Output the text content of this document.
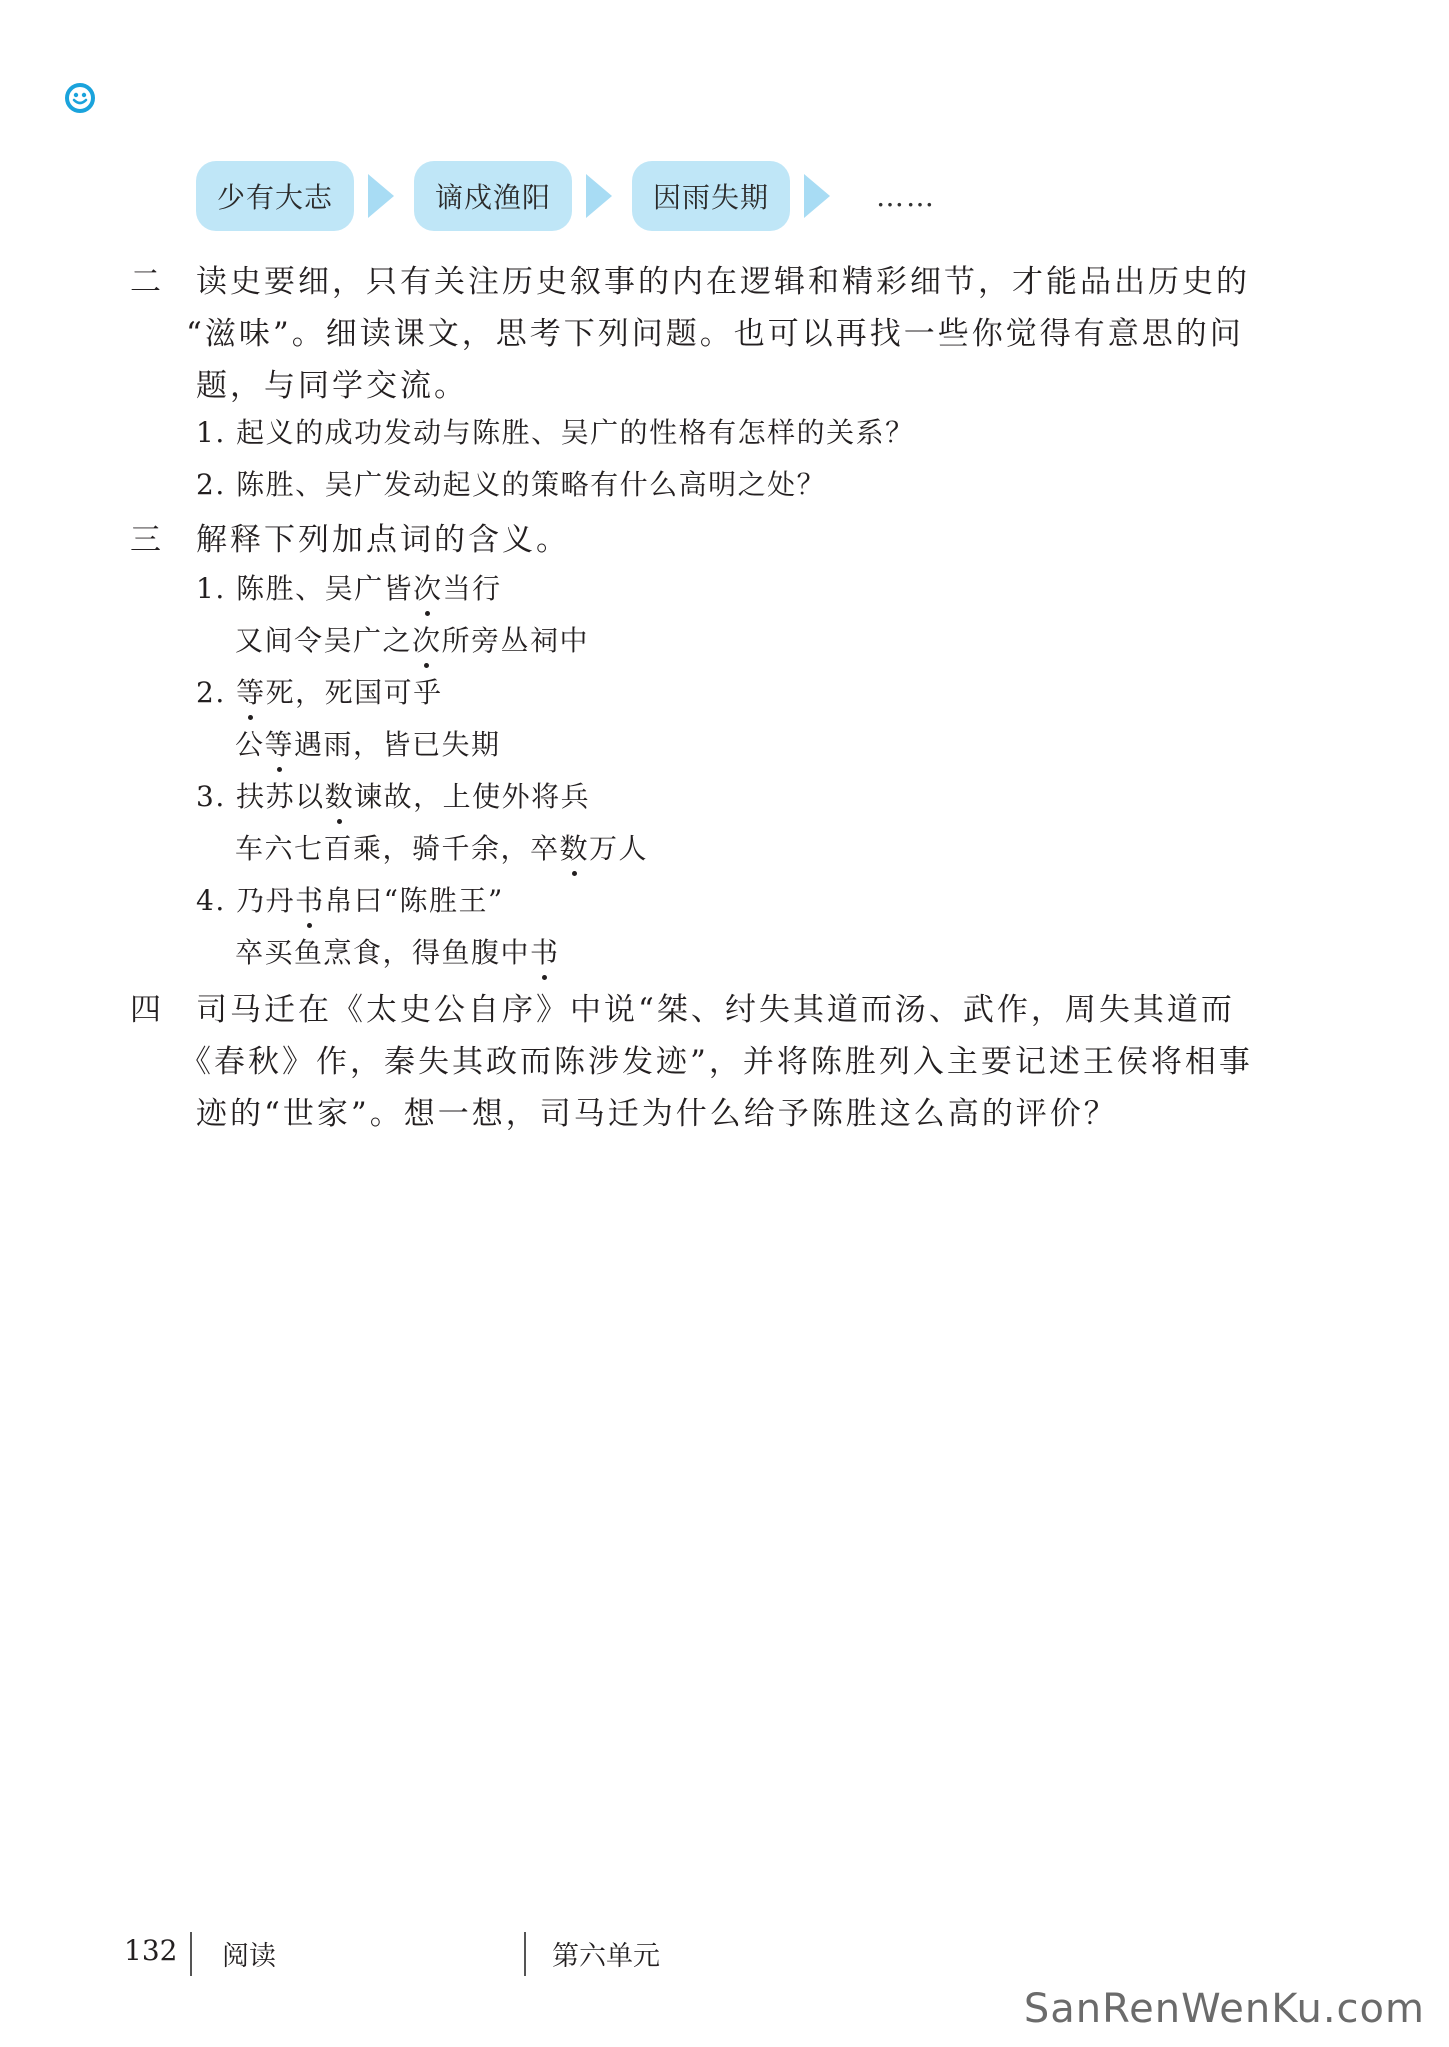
少有大志	谪戍渔阳	因雨失期	……
二 读史要细，只有关注历史叙事的内在逻辑和精彩细节，才能品出历史的
“滋味”。细读课文，思考下列问题。也可以再找一些你觉得有意思的问
题，与同学交流。
1. 起义的成功发动与陈胜、吴广的性格有怎样的关系？
2. 陈胜、吴广发动起义的策略有什么高明之处？
三 解释下列加点词的含义。
1. 陈胜、吴广皆次当行
又间令吴广之次所旁丛祠中
2. 等死，死国可乎
公等遇雨，皆已失期
3. 扶苏以数谏故，上使外将兵
车六七百乘，骑千余，卒数万人
4. 乃丹书帛曰“陈胜王”
卒买鱼烹食，得鱼腹中书
四 司马迁在《太史公自序》中说“桀、纣失其道而汤、武作，周失其道而
《春秋》作，秦失其政而陈涉发迹”，并将陈胜列入主要记述王侯将相事
迹的“世家”。想一想，司马迁为什么给予陈胜这么高的评价？
132 阅读	第六单元
SanRenWenKu.com
